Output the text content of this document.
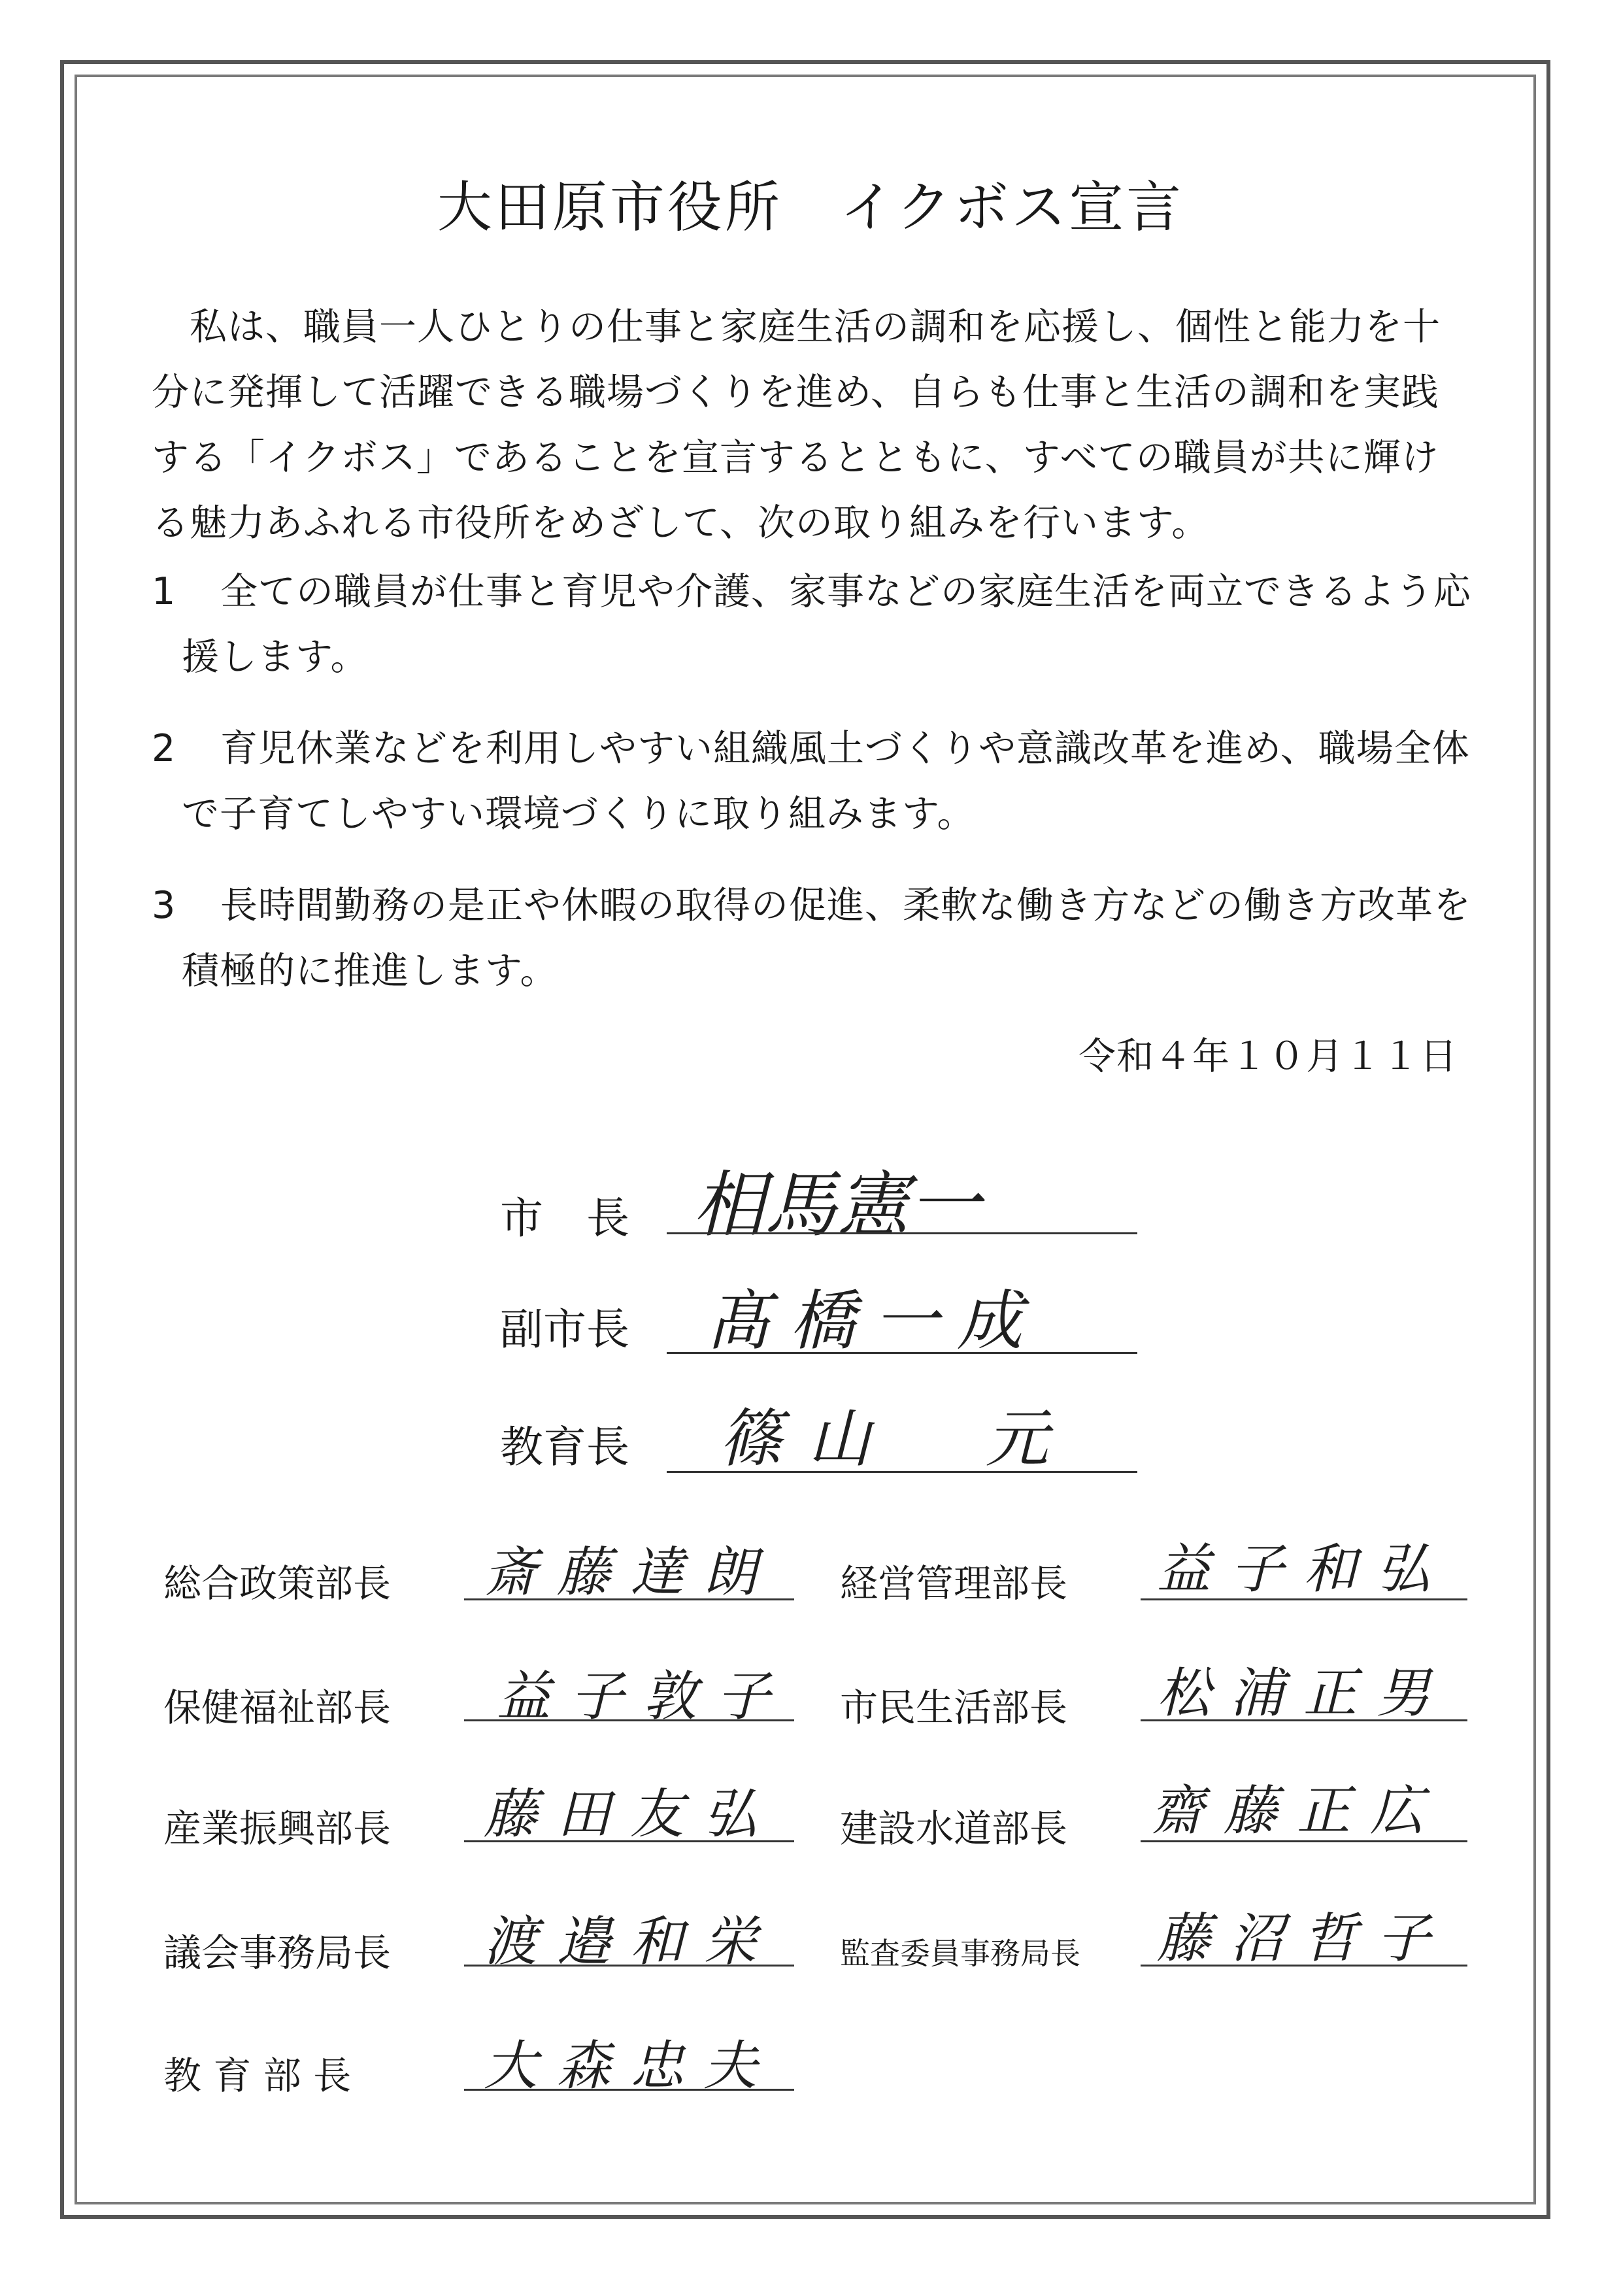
大田原市役所　イクボス宣言

私は、職員一人ひとりの仕事と家庭生活の調和を応援し、個性と能力を十分に発揮して活躍できる職場づくりを進め、自らも仕事と生活の調和を実践する「イクボス」であることを宣言するとともに、すべての職員が共に輝ける魅力あふれる市役所をめざして、次の取り組みを行います。

1 全ての職員が仕事と育児や介護、家事などの家庭生活を両立できるよう応援します。

2 育児休業などを利用しやすい組織風土づくりや意識改革を進め、職場全体で子育てしやすい環境づくりに取り組みます。

3 長時間勤務の是正や休暇の取得の促進、柔軟な働き方などの働き方改革を積極的に推進します。

令和４年１０月１１日
市　長 相馬憲一
副市長 髙橋一成
教育長 篠山　元
総合政策部長 斎藤達朗
保健福祉部長 益子敦子
産業振興部長 藤田友弘
議会事務局長 渡邉和栄
教 育 部 長 大森忠夫
経営管理部長 益子和弘
市民生活部長 松浦正男
建設水道部長 齋藤正広
監査委員事務局長 藤沼哲子
